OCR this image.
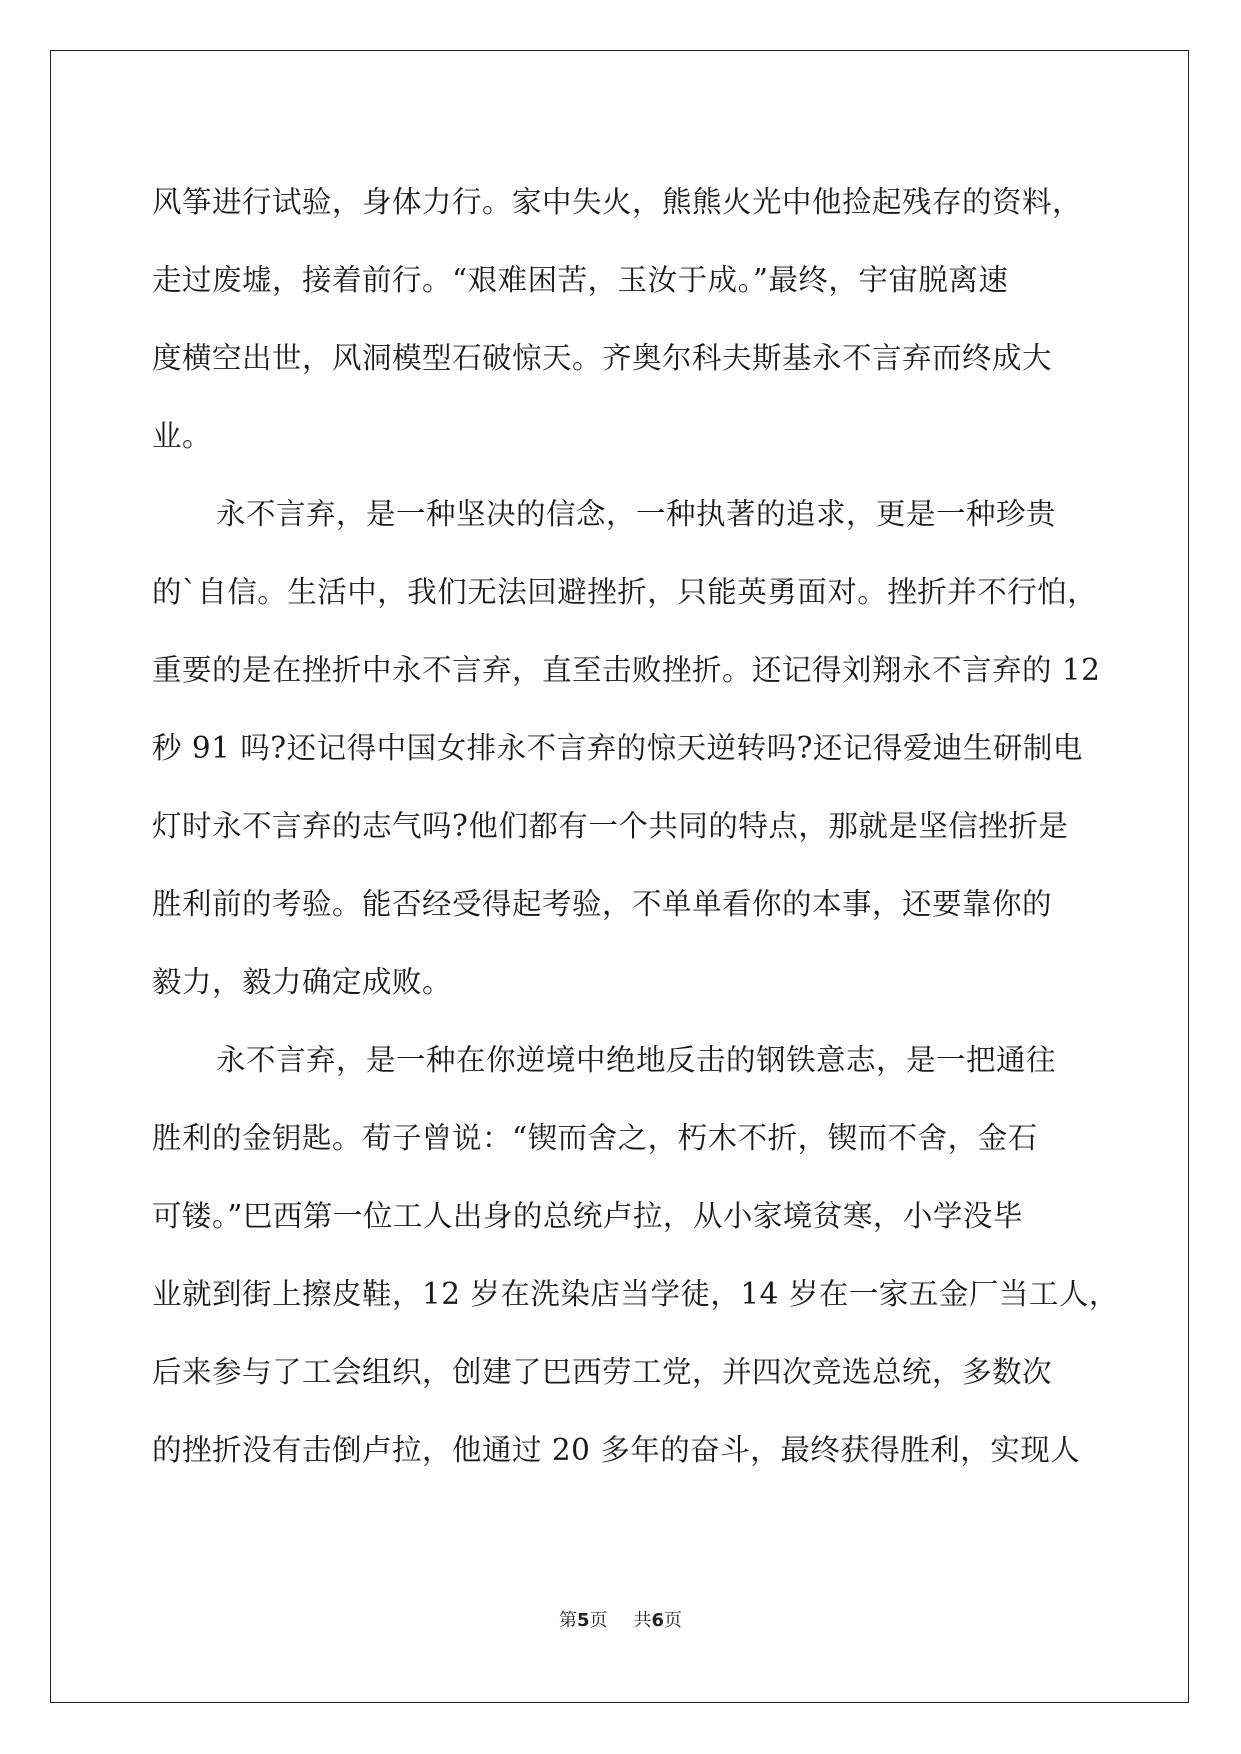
风筝进行试验，身体力行。家中失火，熊熊火光中他捡起残存的资料，
走过废墟，接着前行。“艰难困苦，玉汝于成。”最终，宇宙脱离速
度横空出世，风洞模型石破惊天。齐奥尔科夫斯基永不言弃而终成大
业。
永不言弃，是一种坚决的信念，一种执著的追求，更是一种珍贵
的`自信。生活中，我们无法回避挫折，只能英勇面对。挫折并不行怕，
重要的是在挫折中永不言弃，直至击败挫折。还记得刘翔永不言弃的 12
秒 91 吗?还记得中国女排永不言弃的惊天逆转吗?还记得爱迪生研制电
灯时永不言弃的志气吗?他们都有一个共同的特点，那就是坚信挫折是
胜利前的考验。能否经受得起考验，不单单看你的本事，还要靠你的
毅力，毅力确定成败。
永不言弃，是一种在你逆境中绝地反击的钢铁意志，是一把通往
胜利的金钥匙。荀子曾说：“锲而舍之，朽木不折，锲而不舍，金石
可镂。”巴西第一位工人出身的总统卢拉，从小家境贫寒，小学没毕
业就到街上擦皮鞋，12 岁在洗染店当学徒，14 岁在一家五金厂当工人，
后来参与了工会组织，创建了巴西劳工党，并四次竞选总统，多数次
的挫折没有击倒卢拉，他通过 20 多年的奋斗，最终获得胜利，实现人
第5页 共6页
